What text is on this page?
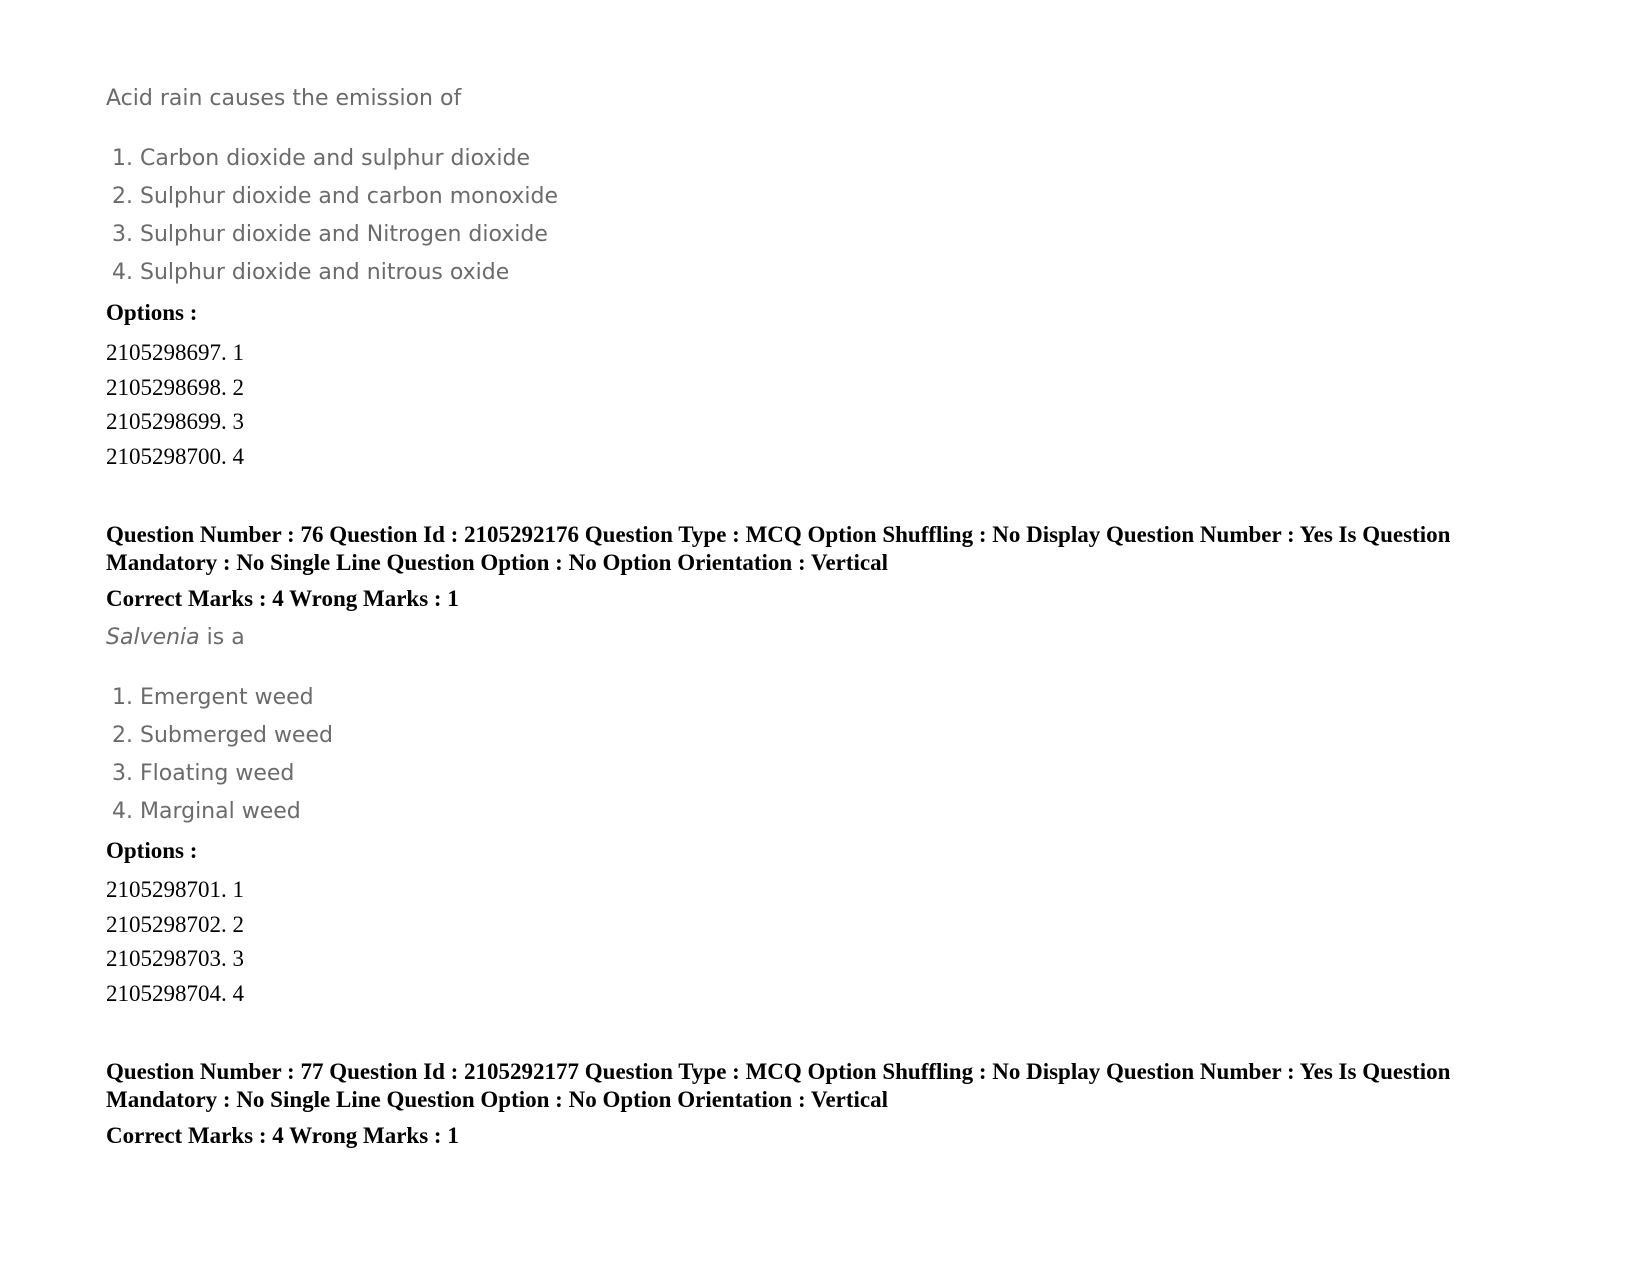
Acid rain causes the emission of
1. Carbon dioxide and sulphur dioxide
2. Sulphur dioxide and carbon monoxide
3. Sulphur dioxide and Nitrogen dioxide
4. Sulphur dioxide and nitrous oxide
Options :
2105298697. 1
2105298698. 2
2105298699. 3
2105298700. 4
Question Number : 76 Question Id : 2105292176 Question Type : MCQ Option Shuffling : No Display Question Number : Yes Is Question Mandatory : No Single Line Question Option : No Option Orientation : Vertical
Correct Marks : 4 Wrong Marks : 1
Salvenia is a
1. Emergent weed
2. Submerged weed
3. Floating weed
4. Marginal weed
Options :
2105298701. 1
2105298702. 2
2105298703. 3
2105298704. 4
Question Number : 77 Question Id : 2105292177 Question Type : MCQ Option Shuffling : No Display Question Number : Yes Is Question Mandatory : No Single Line Question Option : No Option Orientation : Vertical
Correct Marks : 4 Wrong Marks : 1
